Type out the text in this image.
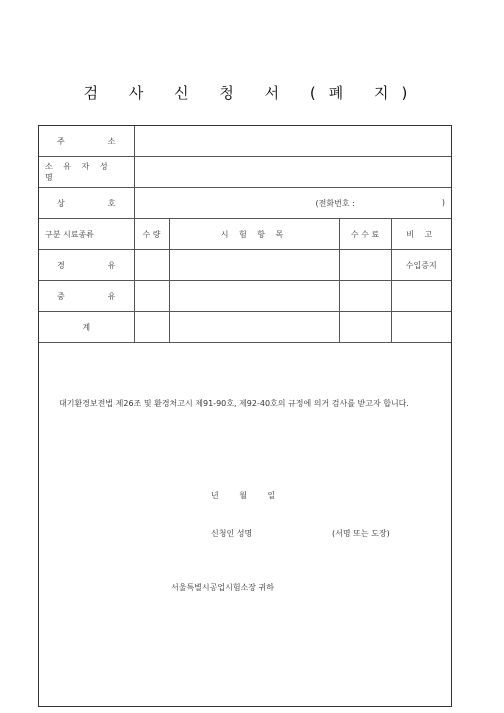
검 사 신 청 서 (폐 지)
주 소				

소 유 자 성 명				

상 호	(전화번호 : )			

구분 시료종류	수 량	시 험 항 목	수 수 료	비 고

경 유				수입증지

중 유				

계				
대기환경보전법 제26조 및 환경처고시 제91-90호, 제92-40호의 규정에 의거 검사를 받고자 합니다.
년 월 일
신청인 성명	(서명 또는 도장)
서울특별시공업시험소장 귀하
